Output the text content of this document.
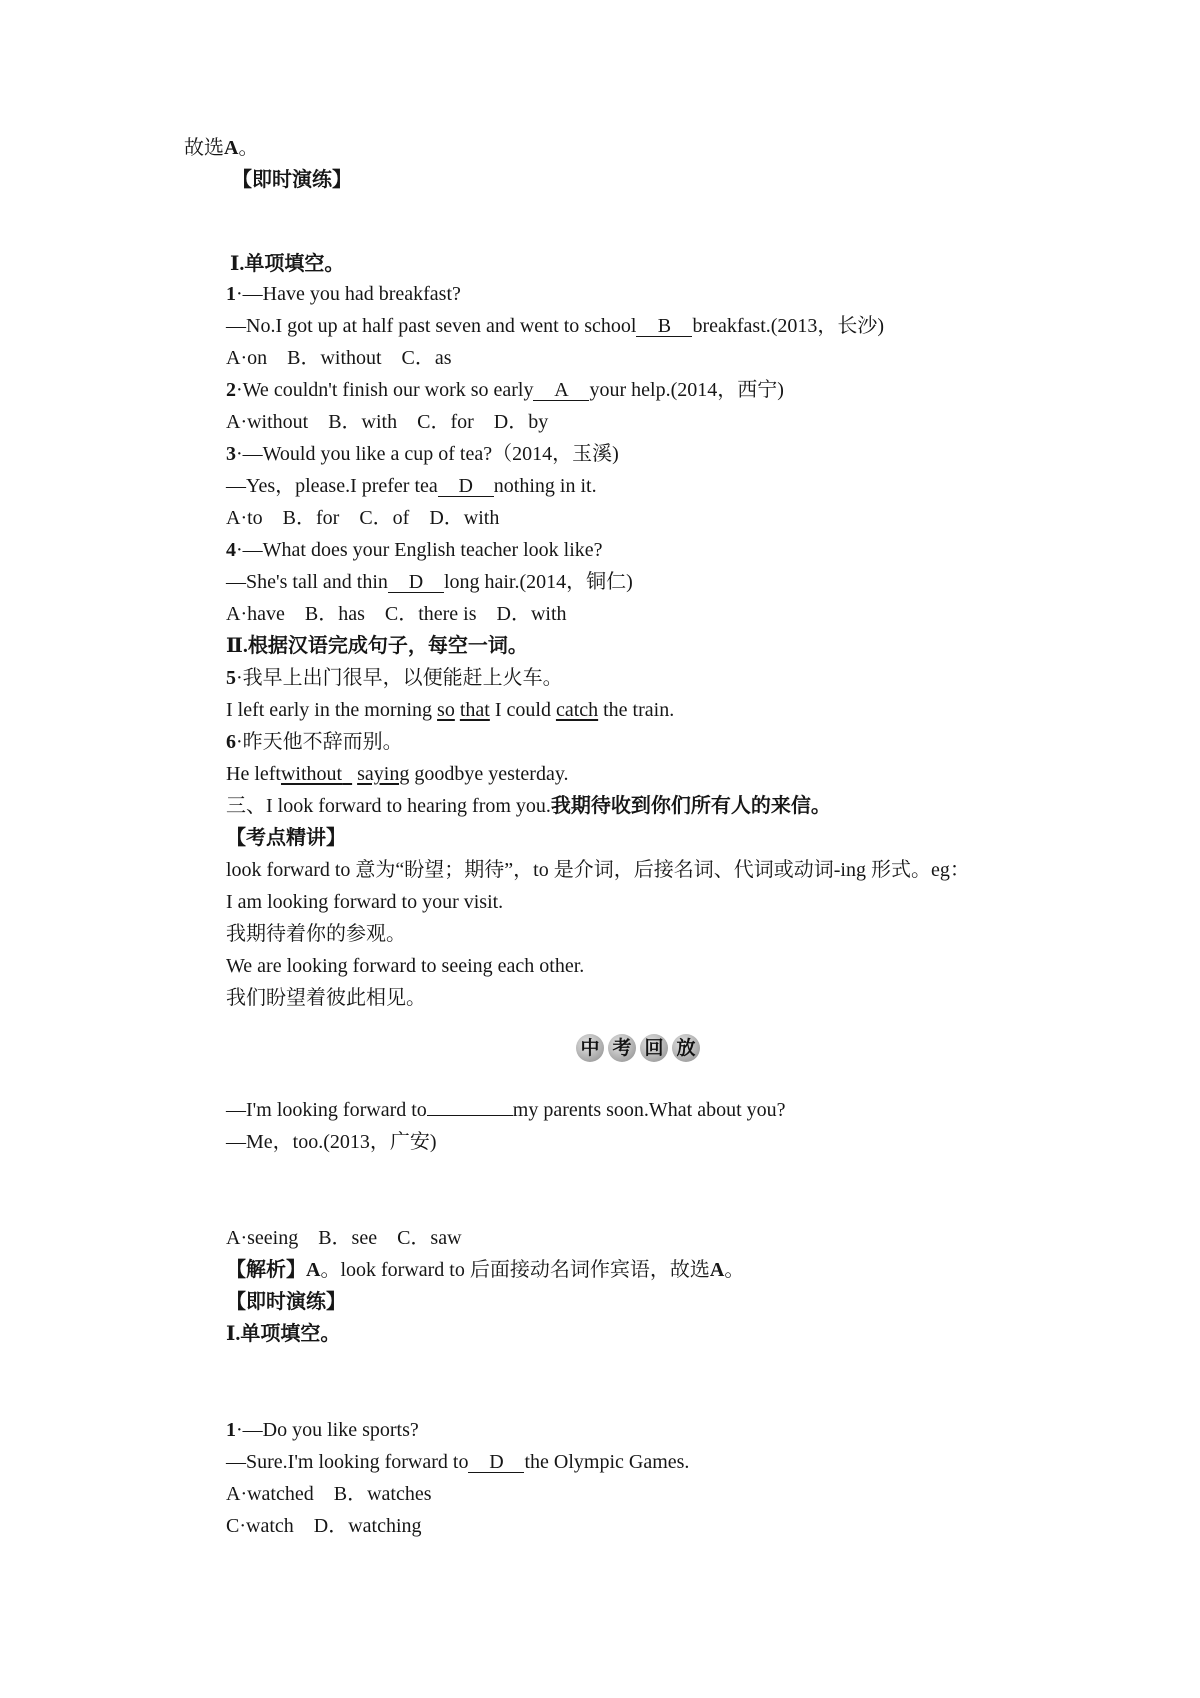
故选A。
【即时演练】
Ⅰ.单项填空。
1·—Have you had breakfast?
—No.I got up at half past seven and went to school B breakfast.(2013，长沙)
A·on　B．without　C．as
2·We couldn't finish our work so early A your help.(2014，西宁)
A·without　B．with　C．for　D．by
3·—Would you like a cup of tea?（2014，玉溪)
—Yes，please.I prefer tea D nothing in it.
A·to　B．for　C．of　D．with
4·—What does your English teacher look like?
—She's tall and thin D long hair.(2014，铜仁)
A·have　B．has　C．there is　D．with
Ⅱ.根据汉语完成句子，每空一词。
5·我早上出门很早，以便能赶上火车。
I left early in the morning so that I could catch the train.
6·昨天他不辞而别。
He leftwithout saying goodbye yesterday.
三、I look forward to hearing from you.我期待收到你们所有人的来信。
【考点精讲】
look forward to 意为“盼望；期待”，to 是介词，后接名词、代词或动词-ing 形式。eg：
I am looking forward to your visit.
我期待着你的参观。
We are looking forward to seeing each other.
我们盼望着彼此相见。
中 考 回 放
—I'm looking forward to	my parents soon.What about you?
—Me，too.(2013，广安)
A·seeing　B．see　C．saw
【解析】A。look forward to 后面接动名词作宾语，故选A。
【即时演练】
Ⅰ.单项填空。
1·—Do you like sports?
—Sure.I'm looking forward to D the Olympic Games.
A·watched　B．watches
C·watch　D．watching
